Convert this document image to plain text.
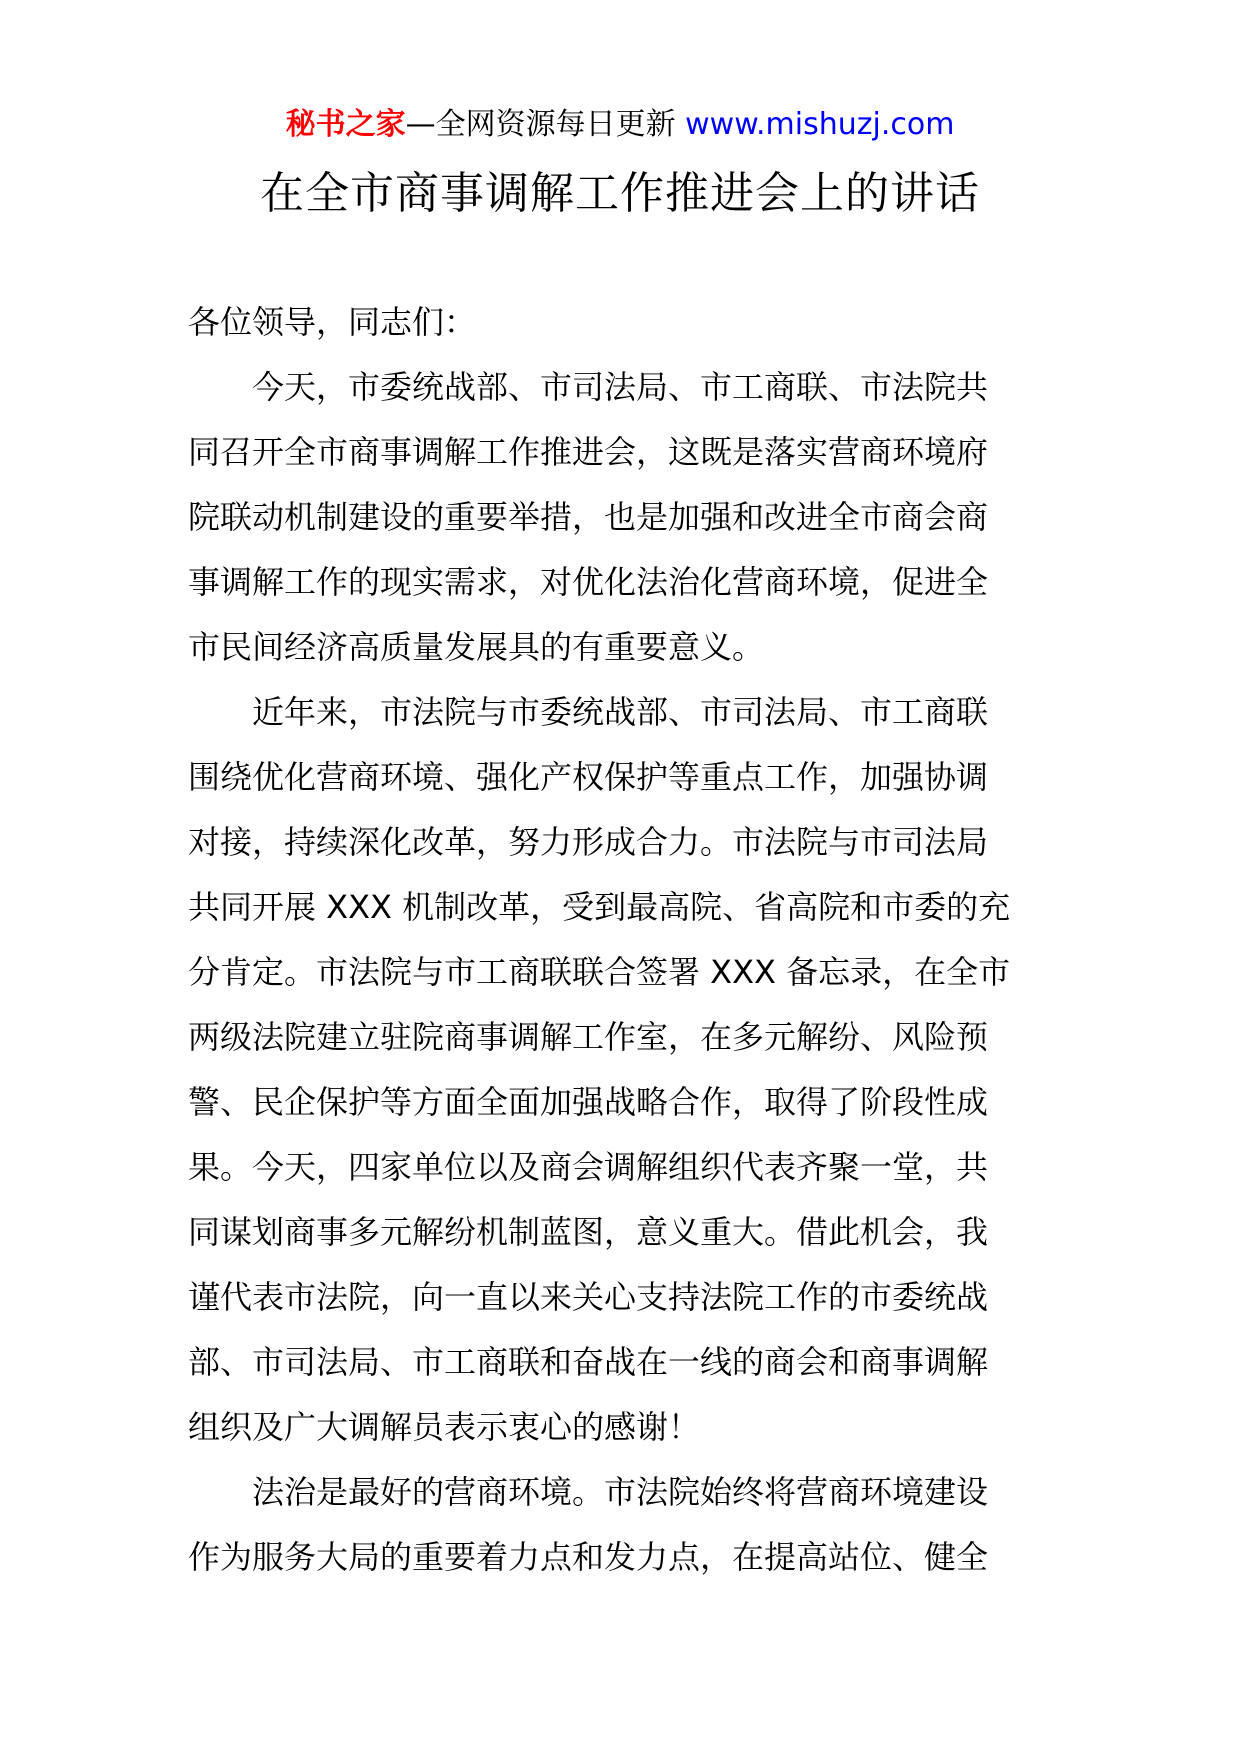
秘书之家—全网资源每日更新 www.mishuzj.com
在全市商事调解工作推进会上的讲话

各位领导，同志们：

今天，市委统战部、市司法局、市工商联、市法院共
同召开全市商事调解工作推进会，这既是落实营商环境府
院联动机制建设的重要举措，也是加强和改进全市商会商
事调解工作的现实需求，对优化法治化营商环境，促进全
市民间经济高质量发展具的有重要意义。
近年来，市法院与市委统战部、市司法局、市工商联
围绕优化营商环境、强化产权保护等重点工作，加强协调
对接，持续深化改革，努力形成合力。市法院与市司法局
共同开展 XXX 机制改革，受到最高院、省高院和市委的充
分肯定。市法院与市工商联联合签署 XXX 备忘录，在全市
两级法院建立驻院商事调解工作室，在多元解纷、风险预
警、民企保护等方面全面加强战略合作，取得了阶段性成
果。今天，四家单位以及商会调解组织代表齐聚一堂，共
同谋划商事多元解纷机制蓝图，意义重大。借此机会，我
谨代表市法院，向一直以来关心支持法院工作的市委统战
部、市司法局、市工商联和奋战在一线的商会和商事调解
组织及广大调解员表示衷心的感谢！
法治是最好的营商环境。市法院始终将营商环境建设
作为服务大局的重要着力点和发力点，在提高站位、健全
